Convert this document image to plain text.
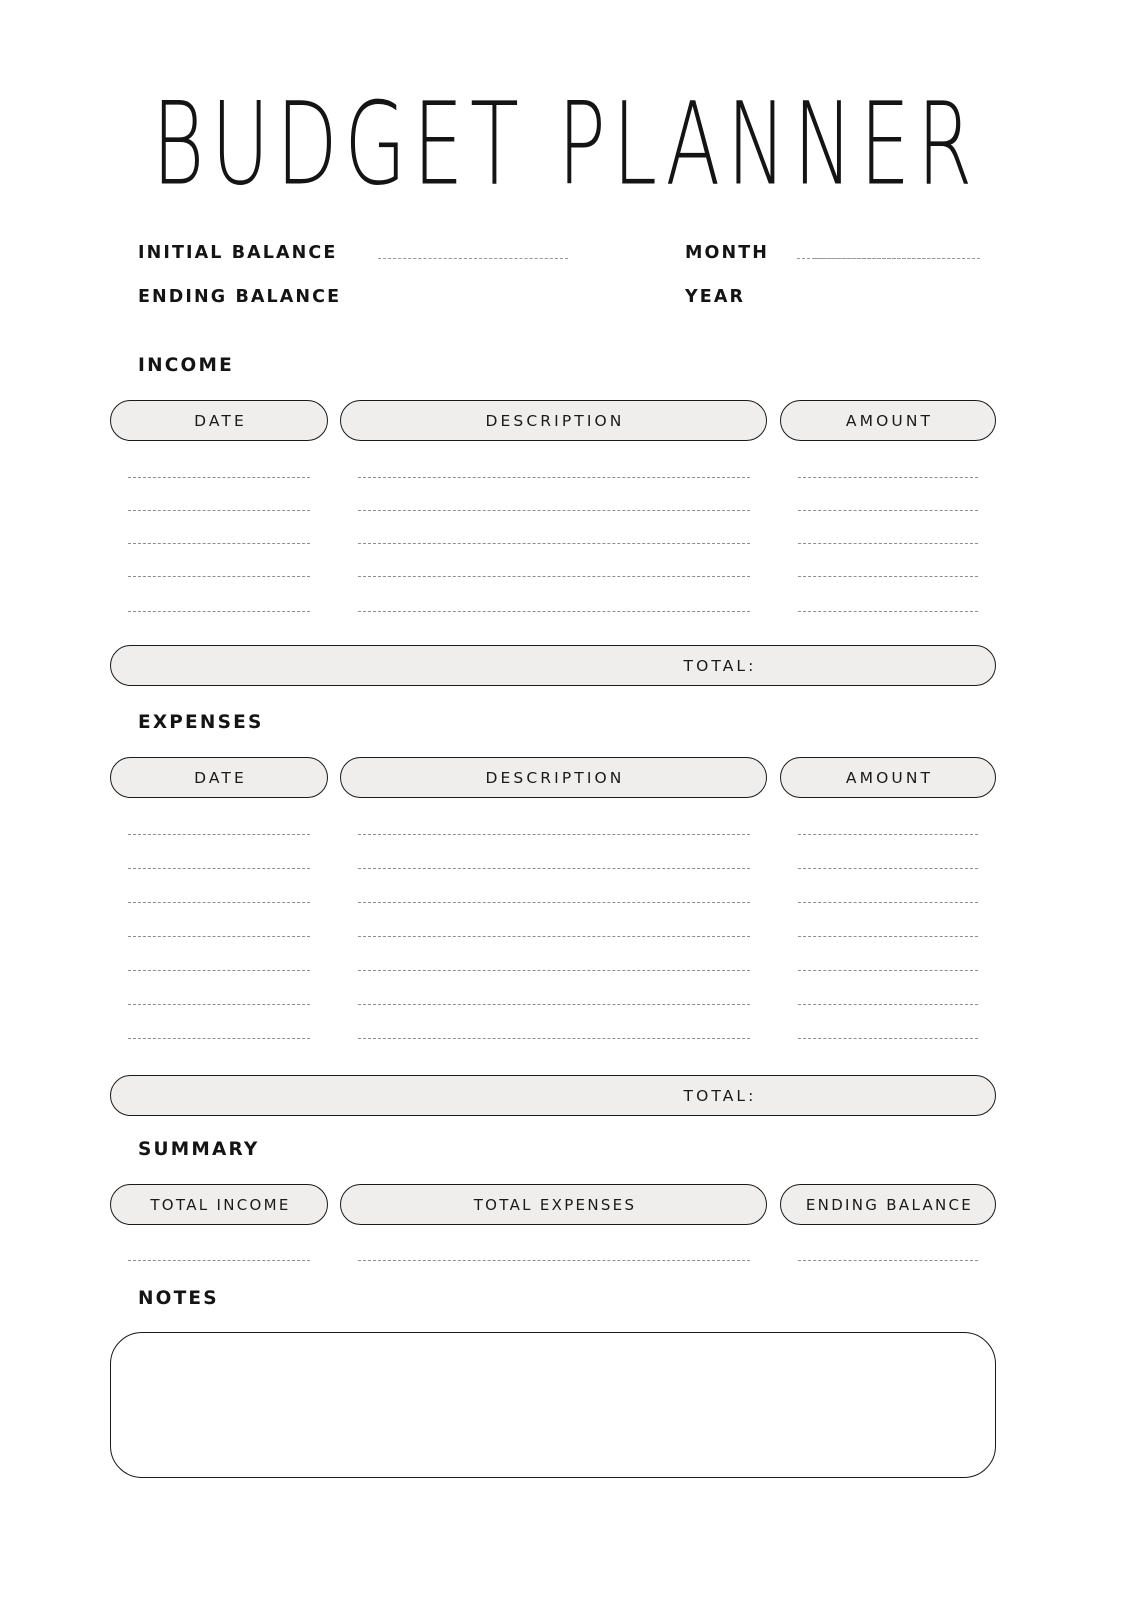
BUDGET PLANNER
INITIAL BALANCE
ENDING BALANCE
MONTH
YEAR
INCOME
DATE	DESCRIPTION	AMOUNT
TOTAL:
EXPENSES
DATE	DESCRIPTION	AMOUNT
TOTAL:
SUMMARY
TOTAL INCOME	TOTAL EXPENSES	ENDING BALANCE
NOTES
